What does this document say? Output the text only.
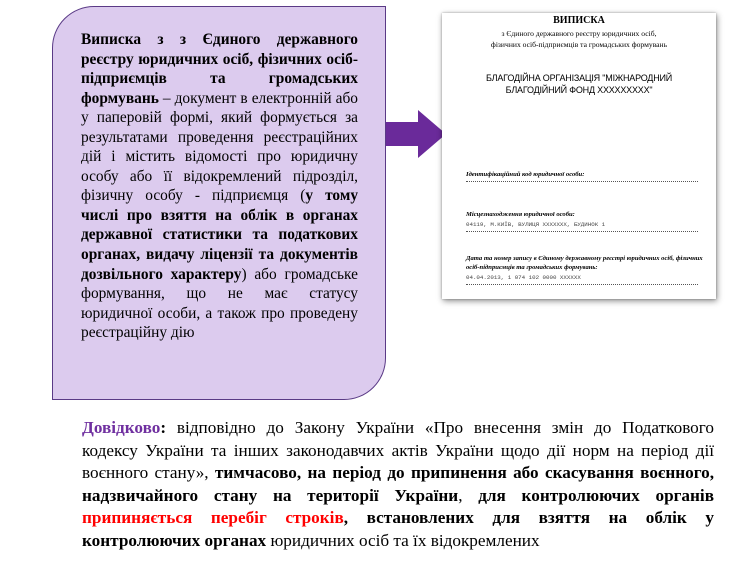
Виписка з з Єдиного державного реєстру юридичних осіб, фізичних осіб-підприємців та громадських формувань – документ в електронній або у паперовій формі, який формується за результатами проведення реєстраційних дій і містить відомості про юридичну особу або її відокремлений підрозділ, фізичну особу - підприємця (у тому числі про взяття на облік в органах державної статистики та податкових органах, видачу ліцензії та документів дозвільного характеру) або громадське формування, що не має статусу юридичної особи, а також про проведену реєстраційну дію
ВИПИСКА
з Єдиного державного реєстру юридичних осіб,
фізичних осіб-підприємців та громадських формувань
БЛАГОДІЙНА ОРГАНІЗАЦІЯ "МІЖНАРОДНИЙ
БЛАГОДІЙНИЙ ФОНД ХХХХХХХХХ"
Ідентифікаційний код юридичної особи:
Місцезнаходження юридичної особи:
04119, М.КИЇВ, ВУЛИЦЯ ХХХХХХХ, БУДИНОК 1
Дата та номер запису в Єдиному державному реєстрі юридичних осіб, фізичних
осіб-підприємців та громадських формувань:
04.04.2013, 1 074 102 0000 XXXXXX
Довідково: відповідно до Закону України «Про внесення змін до Податкового кодексу України та інших законодавчих актів України щодо дії норм на період дії воєнного стану», тимчасово, на період до припинення або скасування воєнного, надзвичайного стану на території України, для контролюючих органів припиняється перебіг строків, встановлених для взяття на облік у контролюючих органах юридичних осіб та їх відокремлених
